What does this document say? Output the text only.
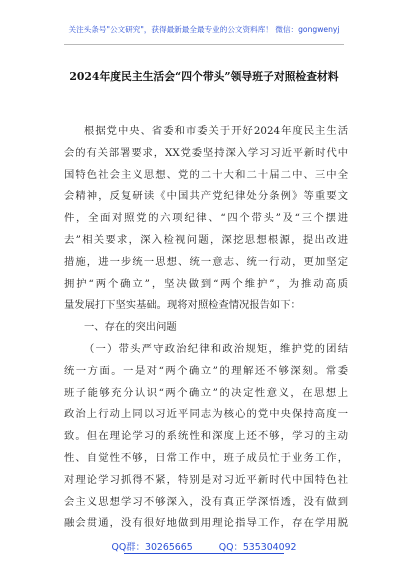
关注头条号"公文研究"，获得最新最全最专业的公文资料库！ 微信：gongwenyj
2024年度民主生活会“四个带头”领导班子对照检查材料
根据党中央、省委和市委关于开好2024年度民主生活
会的有关部署要求，XX党委坚持深入学习习近平新时代中
国特色社会主义思想、党的二十大和二十届二中、三中全
会精神，反复研读《中国共产党纪律处分条例》等重要文
件，全面对照党的六项纪律、“四个带头”及“三个摆进
去”相关要求，深入检视问题，深挖思想根源，提出改进
措施，进一步统一思想、统一意志、统一行动，更加坚定
拥护“两个确立”，坚决做到“两个维护”，为推动高质
量发展打下坚实基础。现将对照检查情况报告如下：
一、存在的突出问题
（一）带头严守政治纪律和政治规矩，维护党的团结
统一方面。一是对“两个确立”的理解还不够深刻。常委
班子能够充分认识“两个确立”的决定性意义，在思想上
政治上行动上同以习近平同志为核心的党中央保持高度一
致。但在理论学习的系统性和深度上还不够，学习的主动
性、自觉性不够，日常工作中，班子成员忙于业务工作，
对理论学习抓得不紧，特别是对习近平新时代中国特色社
会主义思想学习不够深入，没有真正学深悟透，没有做到
融会贯通，没有很好地做到用理论指导工作，存在学用脱
QQ群：30265665	QQ：535304092
